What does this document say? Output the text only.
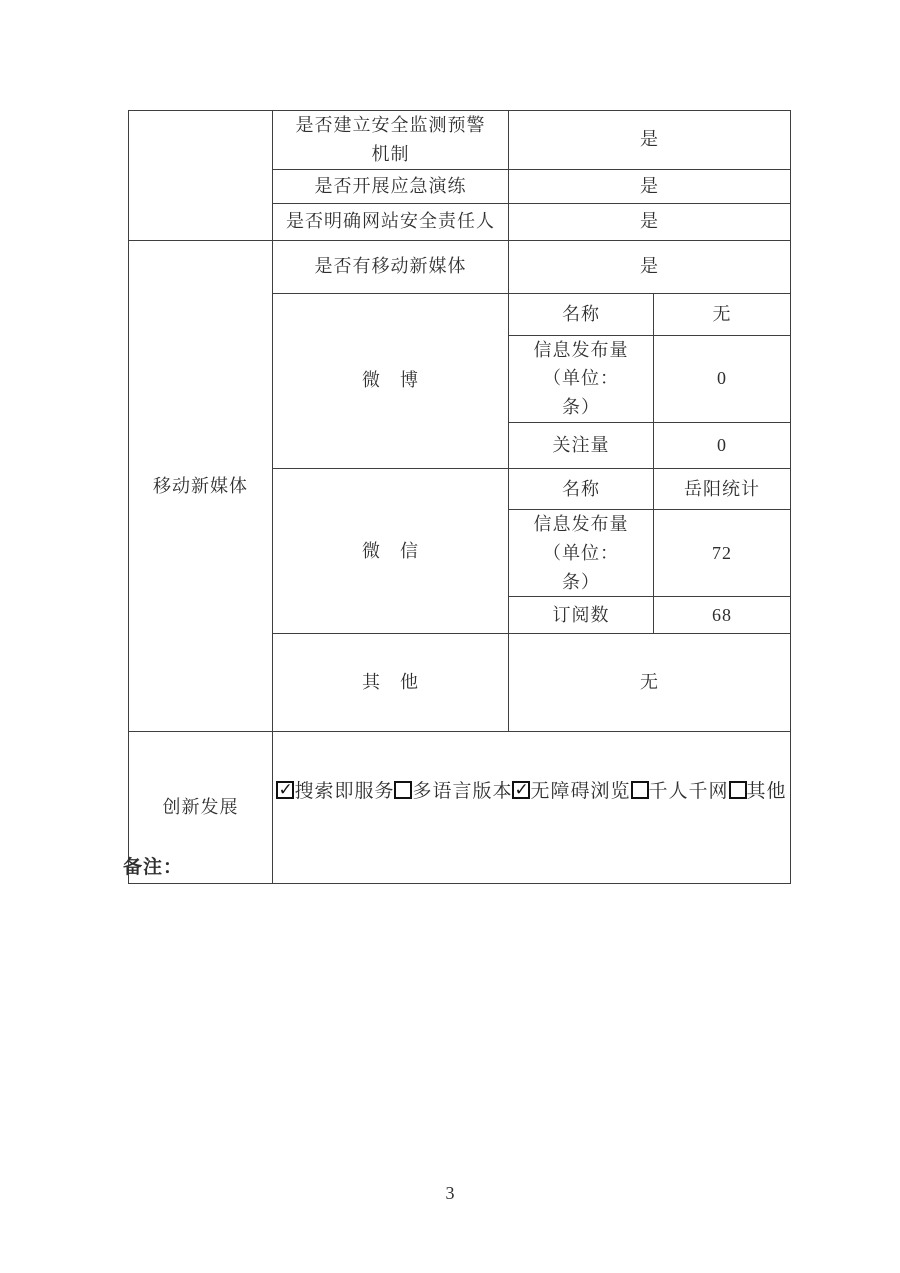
	是否建立安全监测预警机制	是	
	是否开展应急演练	是	
	是否明确网站安全责任人	是	
移动新媒体	是否有移动新媒体	是	
	微　博	名称	无

		信息发布量（单位：条）	0
		关注量	0
	微　信	名称	岳阳统计

		信息发布量（单位：条）	72
		订阅数	68
	其　他	无	
创新发展	
✓搜索即服务 多语言版本 ✓ 无障碍浏览 千人千网 其他
备注：
3
